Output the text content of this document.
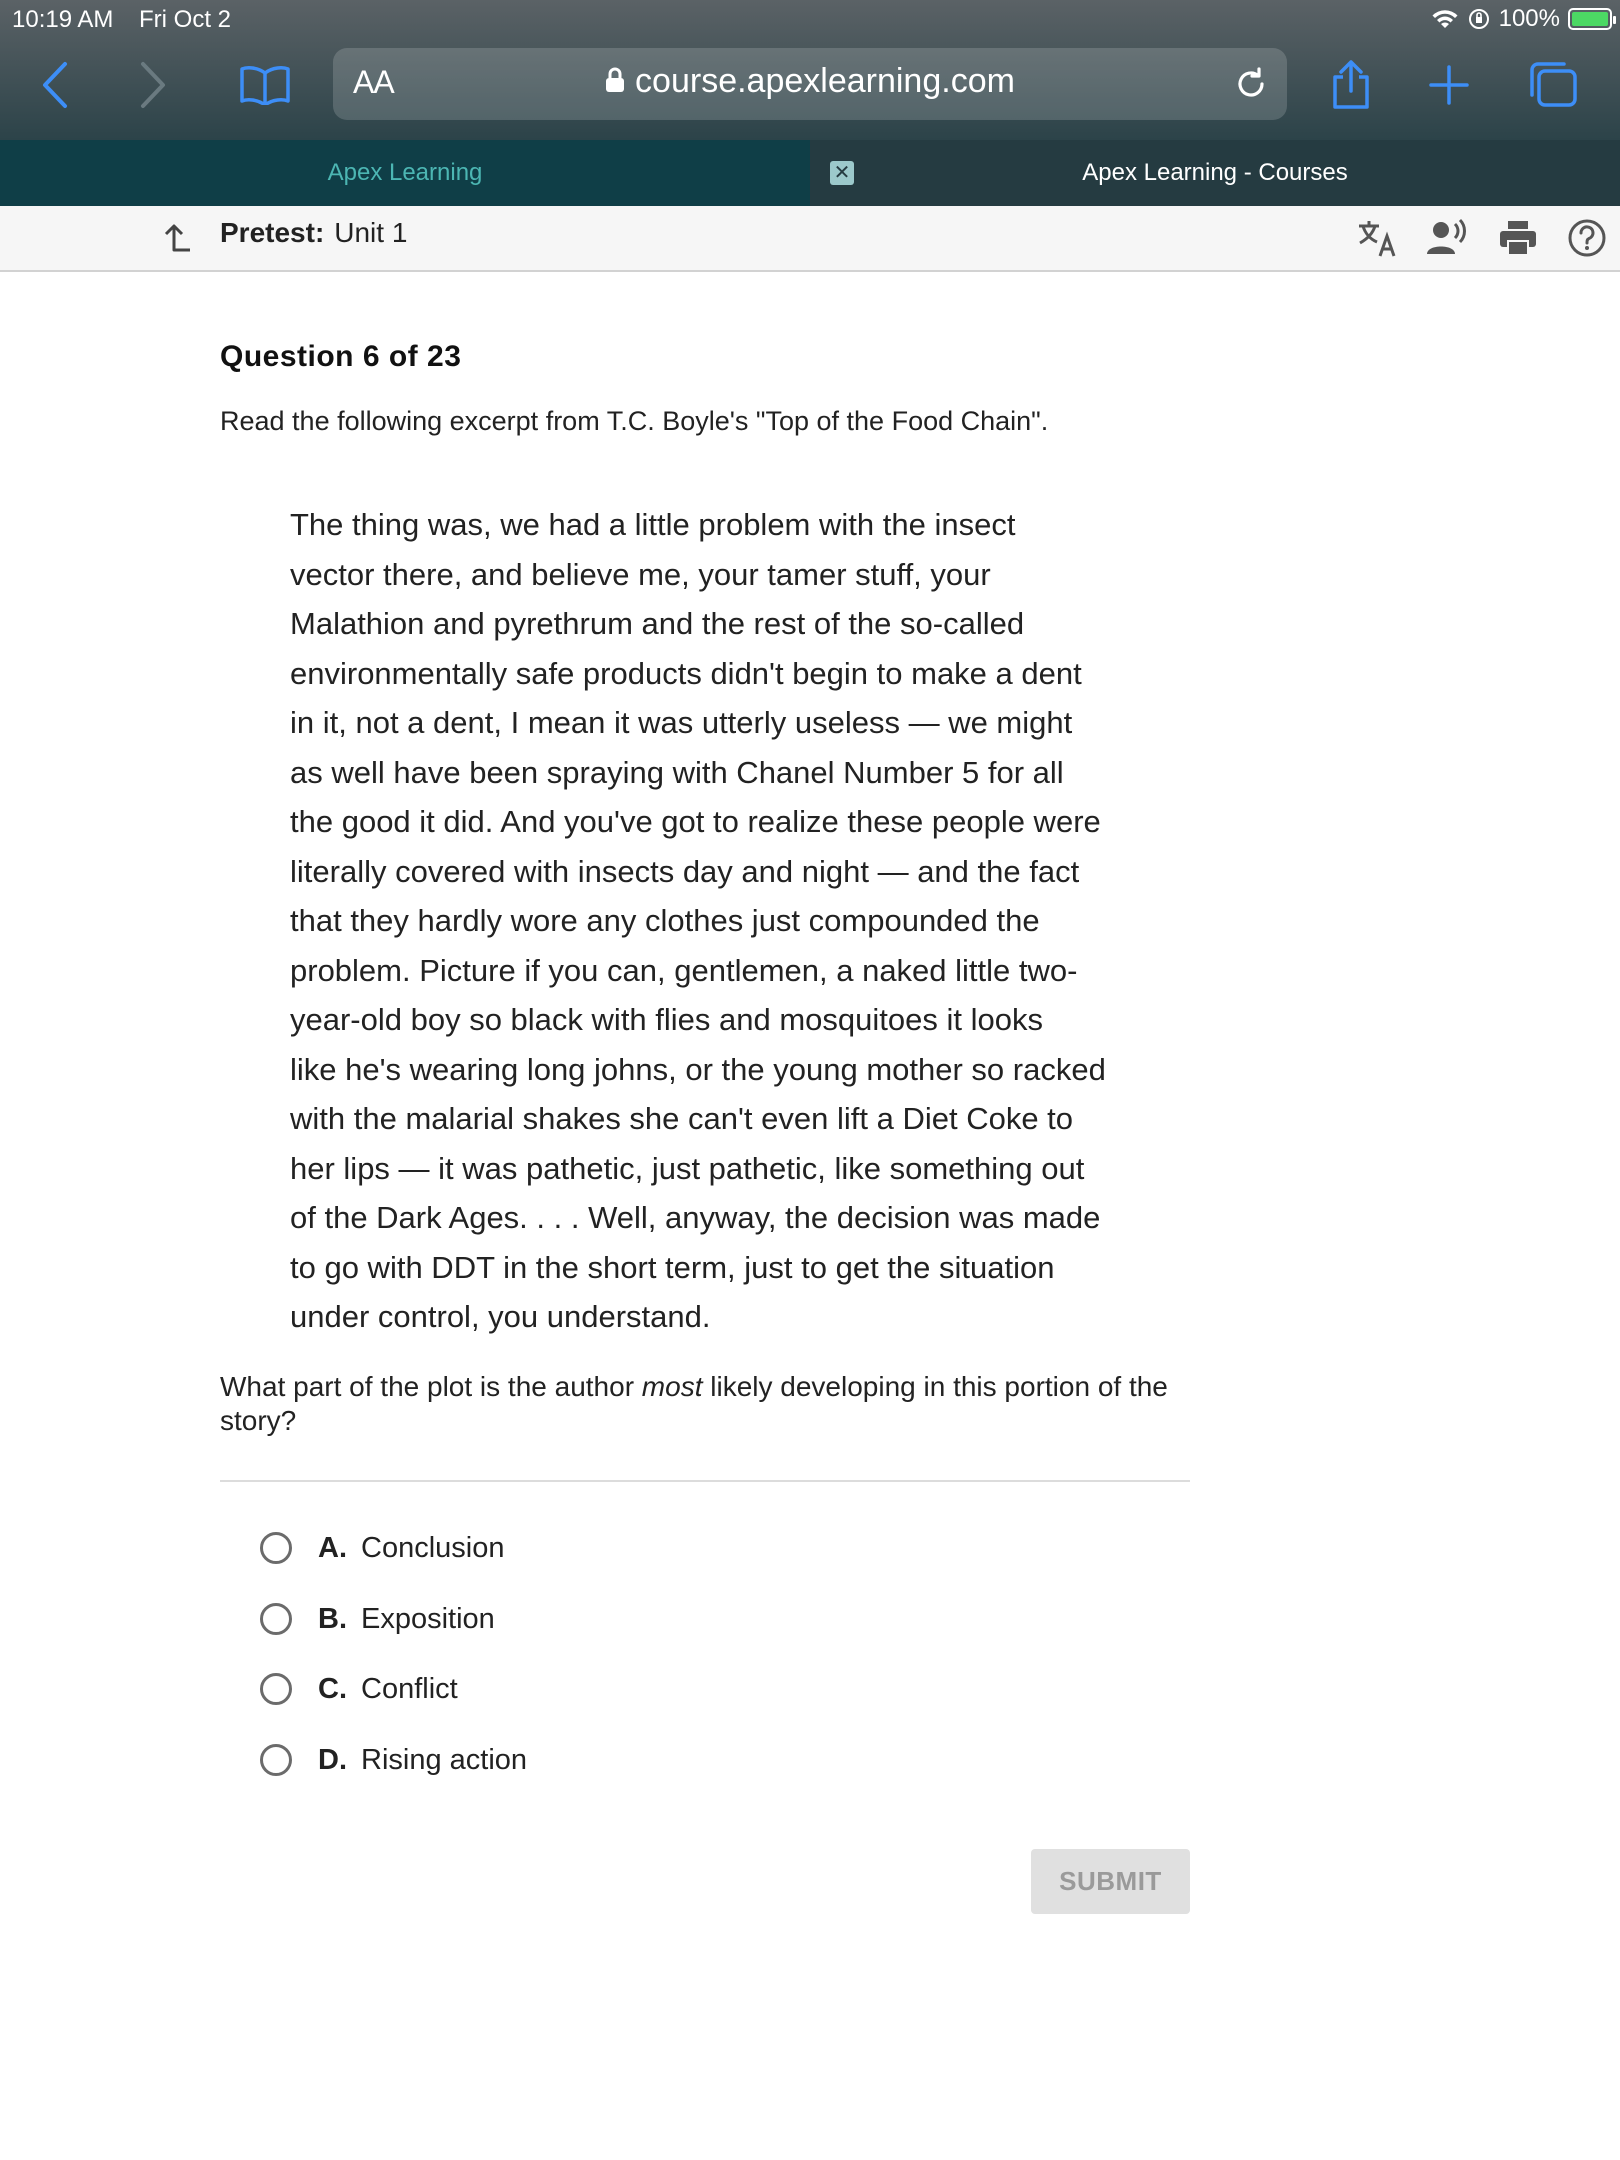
10:19 AM Fri Oct 2	100%
AA	course.apexlearning.com
Apex Learning	Apex Learning - Courses
✕
Pretest: Unit 1
Question 6 of 23
Read the following excerpt from T.C. Boyle's "Top of the Food Chain".

The thing was, we had a little problem with the insect
vector there, and believe me, your tamer stuff, your
Malathion and pyrethrum and the rest of the so-called
environmentally safe products didn't begin to make a dent
in it, not a dent, I mean it was utterly useless — we might
as well have been spraying with Chanel Number 5 for all
the good it did. And you've got to realize these people were
literally covered with insects day and night — and the fact
that they hardly wore any clothes just compounded the
problem. Picture if you can, gentlemen, a naked little two-
year-old boy so black with flies and mosquitoes it looks
like he's wearing long johns, or the young mother so racked
with the malarial shakes she can't even lift a Diet Coke to
her lips — it was pathetic, just pathetic, like something out
of the Dark Ages. . . . Well, anyway, the decision was made
to go with DDT in the short term, just to get the situation
under control, you understand.

What part of the plot is the author most likely developing in this portion of the story?
A. Conclusion
B. Exposition
C. Conflict
D. Rising action
SUBMIT
